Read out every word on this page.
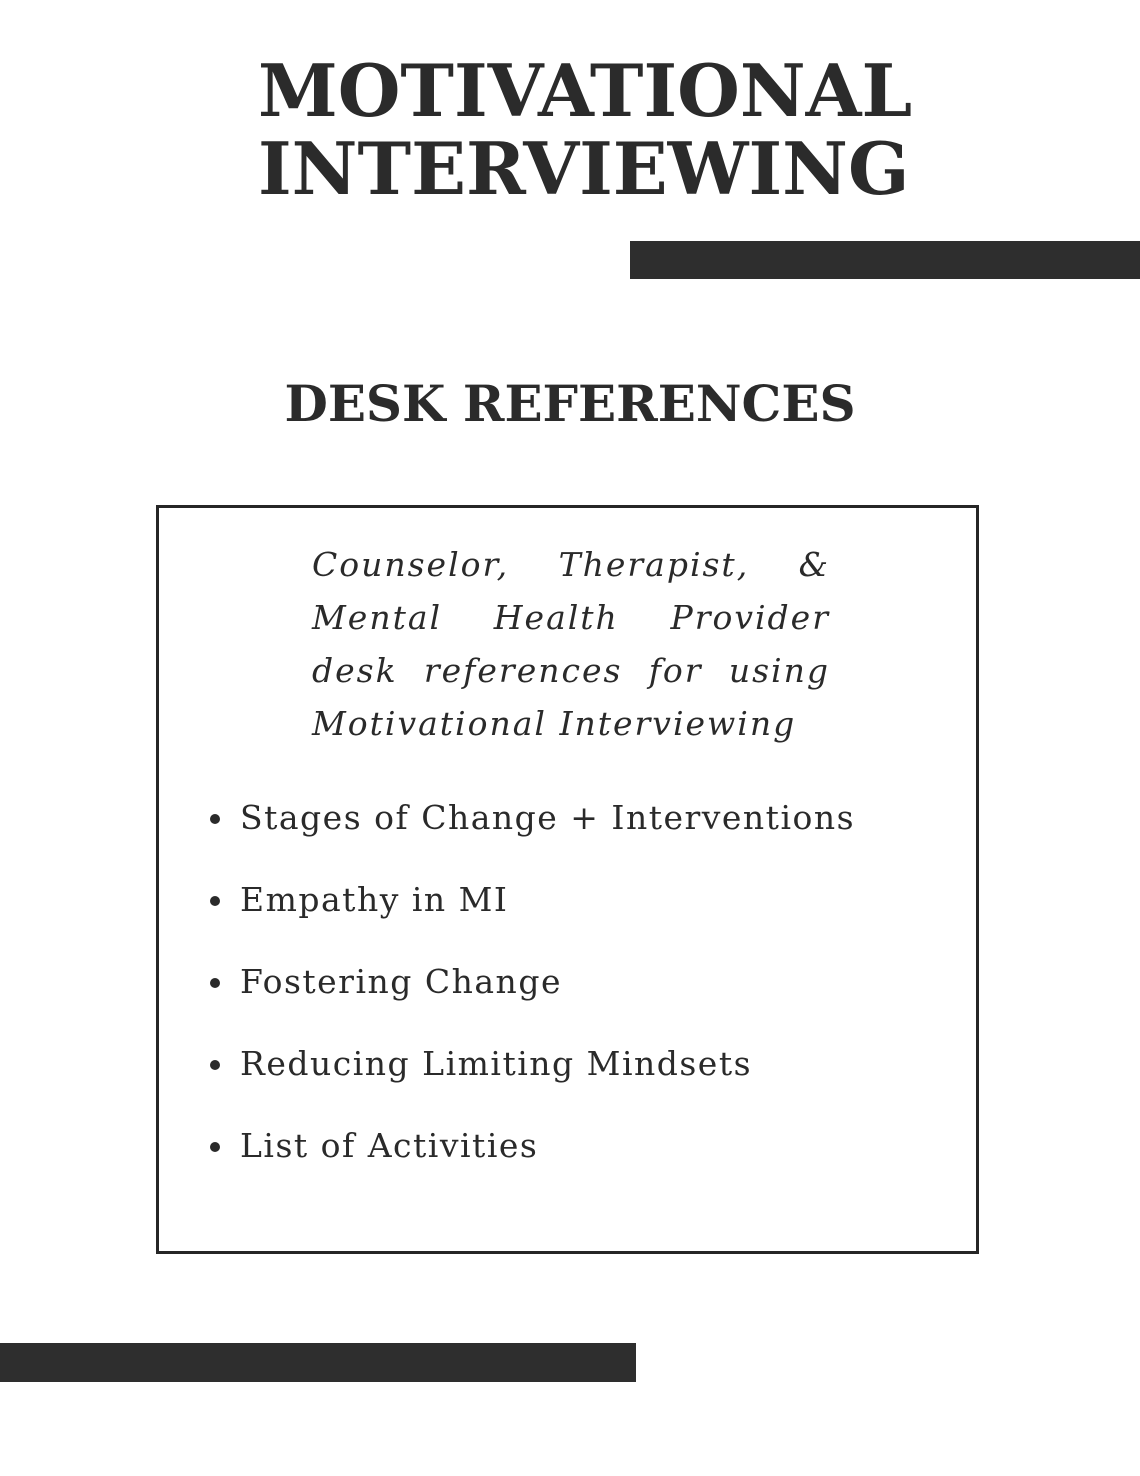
MOTIVATIONAL
INTERVIEWING
DESK REFERENCES

Counselor, Therapist, & Mental Health Provider desk references for using Motivational Interviewing

Stages of Change + Interventions
Empathy in MI
Fostering Change
Reducing Limiting Mindsets
List of Activities
